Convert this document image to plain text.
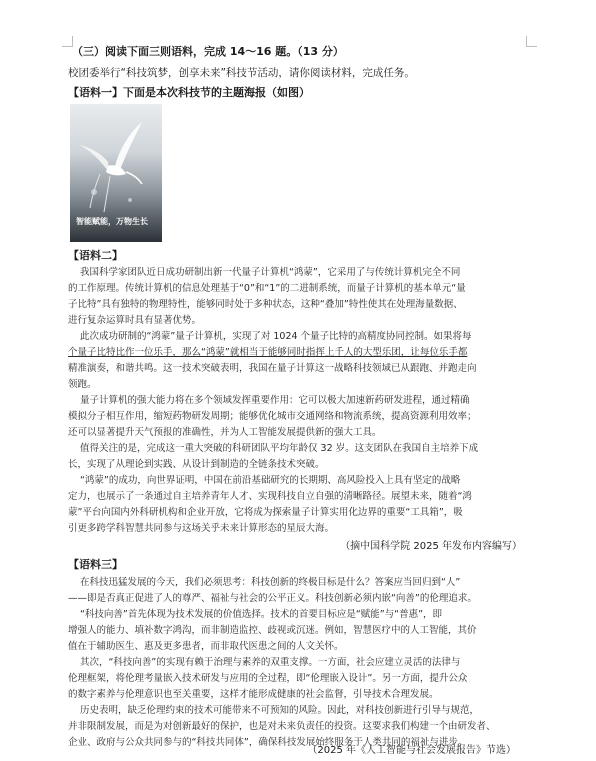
（三）阅读下面三则语料，完成 14～16 题。（13 分）
校团委举行“科技筑梦，创享未来”科技节活动，请你阅读材料，完成任务。
【语料一】下面是本次科技节的主题海报（如图）
智能赋能，万物生长
【语料二】
我国科学家团队近日成功研制出新一代量子计算机“鸿蒙”，它采用了与传统计算机完全不同
的工作原理。传统计算机的信息处理基于“0”和“1”的二进制系统，而量子计算机的基本单元“量
子比特”具有独特的物理特性，能够同时处于多种状态，这种“叠加”特性使其在处理海量数据、
进行复杂运算时具有显著优势。
此次成功研制的“鸿蒙”量子计算机，实现了对 1024 个量子比特的高精度协同控制。如果将每
个量子比特比作一位乐手，那么“鸿蒙”就相当于能够同时指挥上千人的大型乐团，让每位乐手都
精准演奏，和谐共鸣。这一技术突破表明，我国在量子计算这一战略科技领域已从跟跑、并跑走向
领跑。
量子计算机的强大能力将在多个领域发挥重要作用：它可以极大加速新药研发进程，通过精确
模拟分子相互作用，缩短药物研发周期；能够优化城市交通网络和物流系统，提高资源利用效率；
还可以显著提升天气预报的准确性，并为人工智能发展提供新的强大工具。
值得关注的是，完成这一重大突破的科研团队平均年龄仅 32 岁。这支团队在我国自主培养下成
长，实现了从理论到实践、从设计到制造的全链条技术突破。
“鸿蒙”的成功，向世界证明，中国在前沿基础研究的长期期、高风险投入上具有坚定的战略
定力，也展示了一条通过自主培养青年人才、实现科技自立自强的清晰路径。展望未来，随着“鸿
蒙”平台向国内外科研机构和企业开放，它将成为探索量子计算实用化边界的重要“工具箱”，吸
引更多跨学科智慧共同参与这场关乎未来计算形态的星辰大海。
（摘中国科学院 2025 年发布内容编写）
【语料三】
在科技迅猛发展的今天，我们必须思考：科技创新的终极目标是什么？答案应当回归到“人”
——即是否真正促进了人的尊严、福祉与社会的公平正义。科技创新必须内嵌“向善”的伦理追求。
“科技向善”首先体现为技术发展的价值选择。技术的首要目标应是“赋能”与“普惠”，即
增强人的能力、填补数字鸿沟，而非制造监控、歧视或沉迷。例如，智慧医疗中的人工智能，其价
值在于辅助医生、惠及更多患者，而非取代医患之间的人文关怀。
其次，“科技向善”的实现有赖于治理与素养的双重支撑。一方面，社会应建立灵活的法律与
伦理框架，将伦理考量嵌入技术研发与应用的全过程，即“伦理嵌入设计”。另一方面，提升公众
的数字素养与伦理意识也至关重要，这样才能形成健康的社会监督，引导技术合理发展。
历史表明，缺乏伦理约束的技术可能带来不可预知的风险。因此，对科技创新进行引导与规范，
并非限制发展，而是为对创新最好的保护，也是对未来负责任的投资。这要求我们构建一个由研发者、
企业、政府与公众共同参与的“科技共同体”，确保科技发展始终服务于人类共同的福祉与进步。
（2025 年《人工智能与社会发展报告》节选）
